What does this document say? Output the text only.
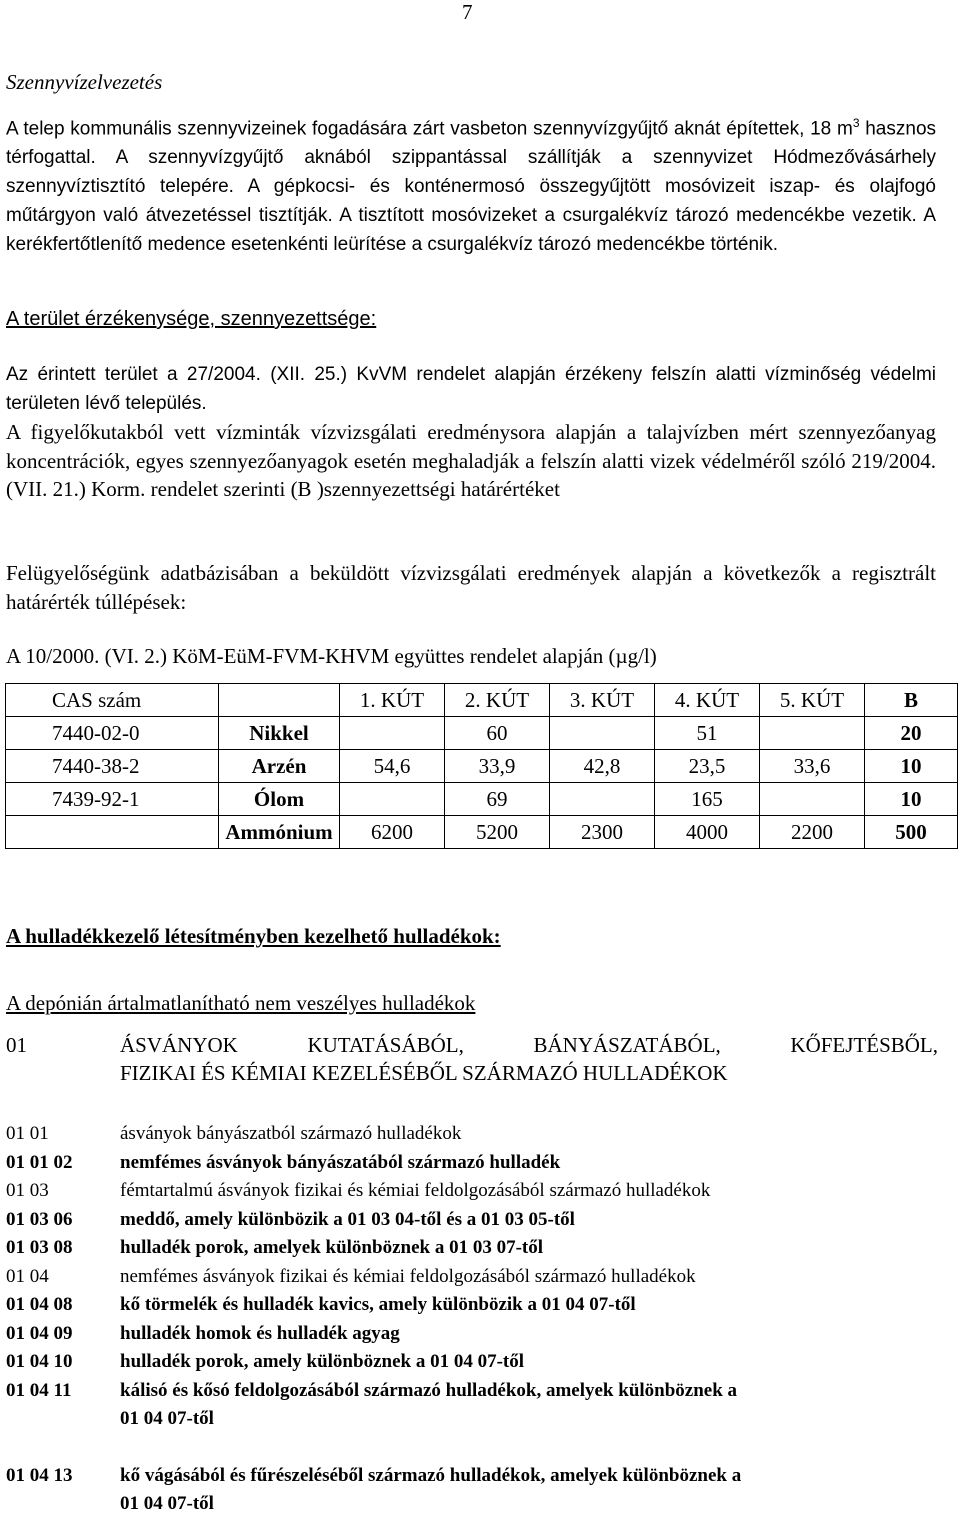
7
Szennyvízelvezetés
A telep kommunális szennyvizeinek fogadására zárt vasbeton szennyvízgyűjtő aknát építettek, 18 $m^3$ hasznos térfogattal. A szennyvízgyűjtő aknából szippantással szállítják a szennyvizet Hódmezővásárhely szennyvíztisztító telepére. A gépkocsi- és konténermosó összegyűjtött mosóvizeit iszap- és olajfogó műtárgyon való átvezetéssel tisztítják. A tisztított mosóvizeket a csurgalékvíz tározó medencékbe vezetik. A kerékfertőtlenítő medence esetenkénti leürítése a csurgalékvíz tározó medencékbe történik.
A terület érzékenysége, szennyezettsége:
Az érintett terület a 27/2004. (XII. 25.) KvVM rendelet alapján érzékeny felszín alatti vízminőség védelmi területen lévő település.
A figyelőkutakból vett vízminták vízvizsgálati eredménysora alapján a talajvízben mért szennyezőanyag koncentrációk, egyes szennyezőanyagok esetén meghaladják a felszín alatti vizek védelméről szóló 219/2004. (VII. 21.) Korm. rendelet szerinti (B )szennyezettségi határértéket
Felügyelőségünk adatbázisában a beküldött vízvizsgálati eredmények alapján a következők a regisztrált határérték túllépések:
A 10/2000. (VI. 2.) KöM-EüM-FVM-KHVM együttes rendelet alapján (µg/l)
CAS szám		1. KÚT	2. KÚT	3. KÚT	4. KÚT	5. KÚT	B
7440-02-0	Nikkel		60		51		20
7440-38-2	Arzén	54,6	33,9	42,8	23,5	33,6	10
7439-92-1	Ólom		69		165		10
	Ammónium	6200	5200	2300	4000	2200	500
A hulladékkezelő létesítményben kezelhető hulladékok:
A depónián ártalmatlanítható nem veszélyes hulladékok
01	ÁSVÁNYOK KUTATÁSÁBÓL, BÁNYÁSZATÁBÓL, KŐFEJTÉSBŐL,
FIZIKAI ÉS KÉMIAI KEZELÉSÉBŐL SZÁRMAZÓ HULLADÉKOK
01 01	ásványok bányászatból származó hulladékok
01 01 02	nemfémes ásványok bányászatából származó hulladék
01 03	fémtartalmú ásványok fizikai és kémiai feldolgozásából származó hulladékok
01 03 06	meddő, amely különbözik a 01 03 04-től és a 01 03 05-től
01 03 08	hulladék porok, amelyek különböznek a 01 03 07-től
01 04	nemfémes ásványok fizikai és kémiai feldolgozásából származó hulladékok
01 04 08	kő törmelék és hulladék kavics, amely különbözik a 01 04 07-től
01 04 09	hulladék homok és hulladék agyag
01 04 10	hulladék porok, amely különböznek a 01 04 07-től
01 04 11	kálisó és kősó feldolgozásából származó hulladékok, amelyek különböznek a
01 04 07-től
01 04 13	kő vágásából és fűrészeléséből származó hulladékok, amelyek különböznek a
01 04 07-től
